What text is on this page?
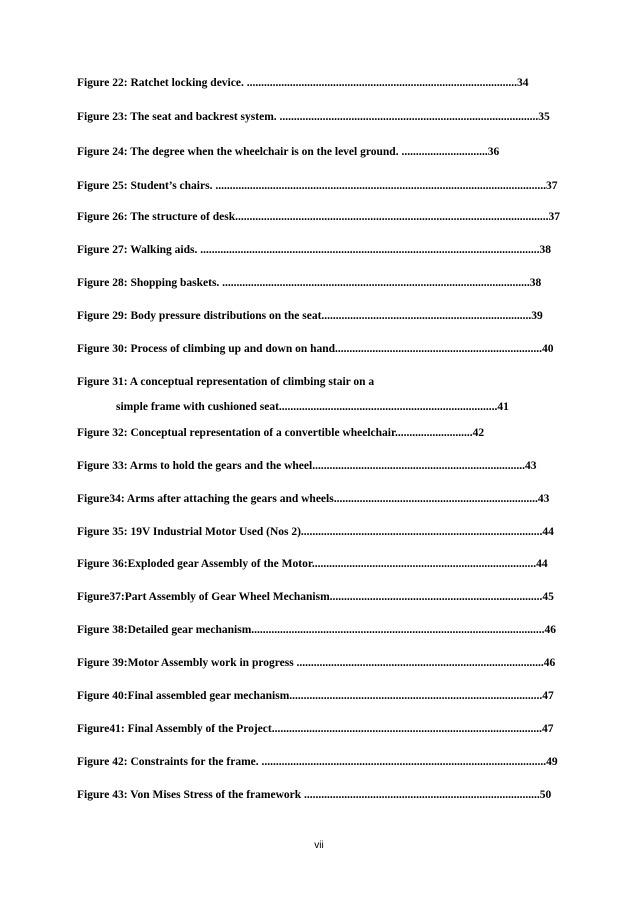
Figure 22: Ratchet locking device. ..............................................................................................34
Figure 23: The seat and backrest system. ..........................................................................................35
Figure 24: The degree when the wheelchair is on the level ground. ..............................36
Figure 25: Student’s chairs. ...................................................................................................................37
Figure 26: The structure of desk.............................................................................................................37
Figure 27: Walking aids. ......................................................................................................................38
Figure 28: Shopping baskets. ...........................................................................................................38
Figure 29: Body pressure distributions on the seat.........................................................................39
Figure 30: Process of climbing up and down on hand........................................................................40
Figure 31: A conceptual representation of climbing stair on a
simple frame with cushioned seat............................................................................41
Figure 32: Conceptual representation of a convertible wheelchair...........................42
Figure 33: Arms to hold the gears and the wheel..........................................................................43
Figure34: Arms after attaching the gears and wheels.......................................................................43
Figure 35: 19V Industrial Motor Used (Nos 2)....................................................................................44
Figure 36:Exploded gear Assembly of the Motor..............................................................................44
Figure37:Part Assembly of Gear Wheel Mechanism..........................................................................45
Figure 38:Detailed gear mechanism......................................................................................................46
Figure 39:Motor Assembly work in progress ......................................................................................46
Figure 40:Final assembled gear mechanism........................................................................................47
Figure41: Final Assembly of the Project..............................................................................................47
Figure 42: Constraints for the frame. ...................................................................................................49
Figure 43: Von Mises Stress of the framework ..................................................................................50
vii
